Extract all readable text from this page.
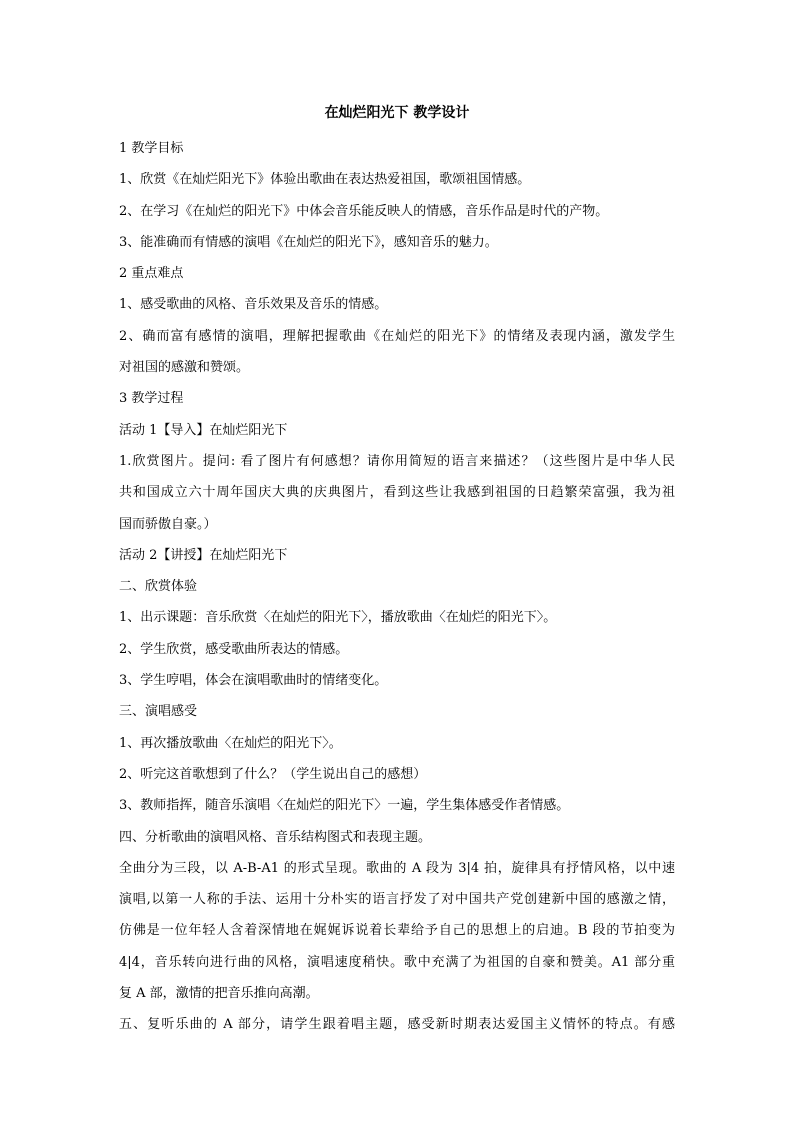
在灿烂阳光下 教学设计
1 教学目标
1、欣赏《在灿烂阳光下》体验出歌曲在表达热爱祖国，歌颂祖国情感。
2、在学习《在灿烂的阳光下》中体会音乐能反映人的情感，音乐作品是时代的产物。
3、能准确而有情感的演唱《在灿烂的阳光下》，感知音乐的魅力。
2 重点难点
1、感受歌曲的风格、音乐效果及音乐的情感。
2、确而富有感情的演唱，理解把握歌曲《在灿烂的阳光下》的情绪及表现内涵，激发学生
对祖国的感激和赞颂。
3 教学过程
活动 1【导入】在灿烂阳光下
1.欣赏图片。提问: 看了图片有何感想？请你用简短的语言来描述？（这些图片是中华人民
共和国成立六十周年国庆大典的庆典图片，看到这些让我感到祖国的日趋繁荣富强，我为祖
国而骄傲自豪。）
活动 2【讲授】在灿烂阳光下
二、欣赏体验
1、出示课题：音乐欣赏〈在灿烂的阳光下〉，播放歌曲〈在灿烂的阳光下〉。
2、学生欣赏，感受歌曲所表达的情感。
3、学生哼唱，体会在演唱歌曲时的情绪变化。
三、演唱感受
1、再次播放歌曲〈在灿烂的阳光下〉。
2、听完这首歌想到了什么？（学生说出自己的感想）
3、教师指挥，随音乐演唱〈在灿烂的阳光下〉一遍，学生集体感受作者情感。
四、分析歌曲的演唱风格、音乐结构图式和表现主题。
全曲分为三段，以 A-B-A1 的形式呈现。歌曲的 A 段为 3|4 拍，旋律具有抒情风格，以中速
演唱,以第一人称的手法、运用十分朴实的语言抒发了对中国共产党创建新中国的感激之情，
仿佛是一位年轻人含着深情地在娓娓诉说着长辈给予自己的思想上的启迪。B 段的节拍变为
4|4，音乐转向进行曲的风格，演唱速度稍快。歌中充满了为祖国的自豪和赞美。A1 部分重
复 A 部，激情的把音乐推向高潮。
五、复听乐曲的 A 部分，请学生跟着唱主题，感受新时期表达爱国主义情怀的特点。有感
